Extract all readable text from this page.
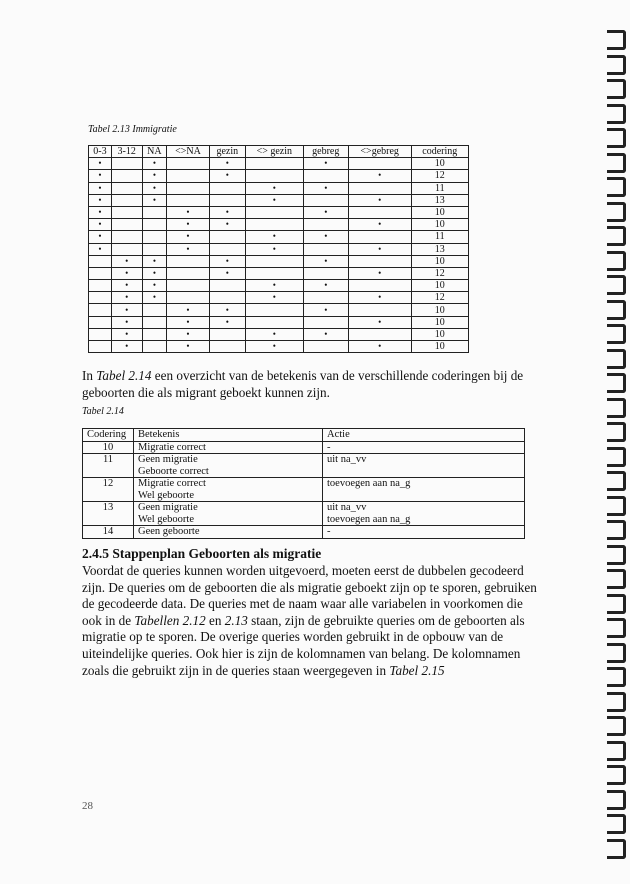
Tabel 2.13 Immigratie
0-3	3-12	NA	<>NA	gezin	<> gezin	gebreg	<>gebreg	codering
•		•		•		•		10
•		•		•			•	12
•		•			•	•		11
•		•			•		•	13
•			•	•		•		10
•			•	•			•	10
•			•		•	•		11
•			•		•		•	13
	•	•		•		•		10
	•	•		•			•	12
	•	•			•	•		10
	•	•			•		•	12
	•		•	•		•		10
	•		•	•			•	10
	•		•		•	•		10
	•		•		•		•	10
In Tabel 2.14 een overzicht van de betekenis van de verschillende coderingen bij de geboorten die als migrant geboekt kunnen zijn.
Tabel 2.14
Codering	Betekenis	Actie
10	Migratie correct	-
11	Geen migratie	uit na_vv
	Geboorte correct	
12	Migratie correct	toevoegen aan na_g
	Wel geboorte	
13	Geen migratie	uit na_vv
	Wel geboorte	toevoegen aan na_g
14	Geen geboorte	-
2.4.5 Stappenplan Geboorten als migratie
Voordat de queries kunnen worden uitgevoerd, moeten eerst de dubbelen gecodeerd zijn. De queries om de geboorten die als migratie geboekt zijn op te sporen, gebruiken de gecodeerde data. De queries met de naam waar alle variabelen in voorkomen die ook in de Tabellen 2.12 en 2.13 staan, zijn de gebruikte queries om de geboorten als migratie op te sporen. De overige queries worden gebruikt in de opbouw van de uiteindelijke queries. Ook hier is zijn de kolomnamen van belang. De kolomnamen zoals die gebruikt zijn in de queries staan weergegeven in Tabel 2.15
28
